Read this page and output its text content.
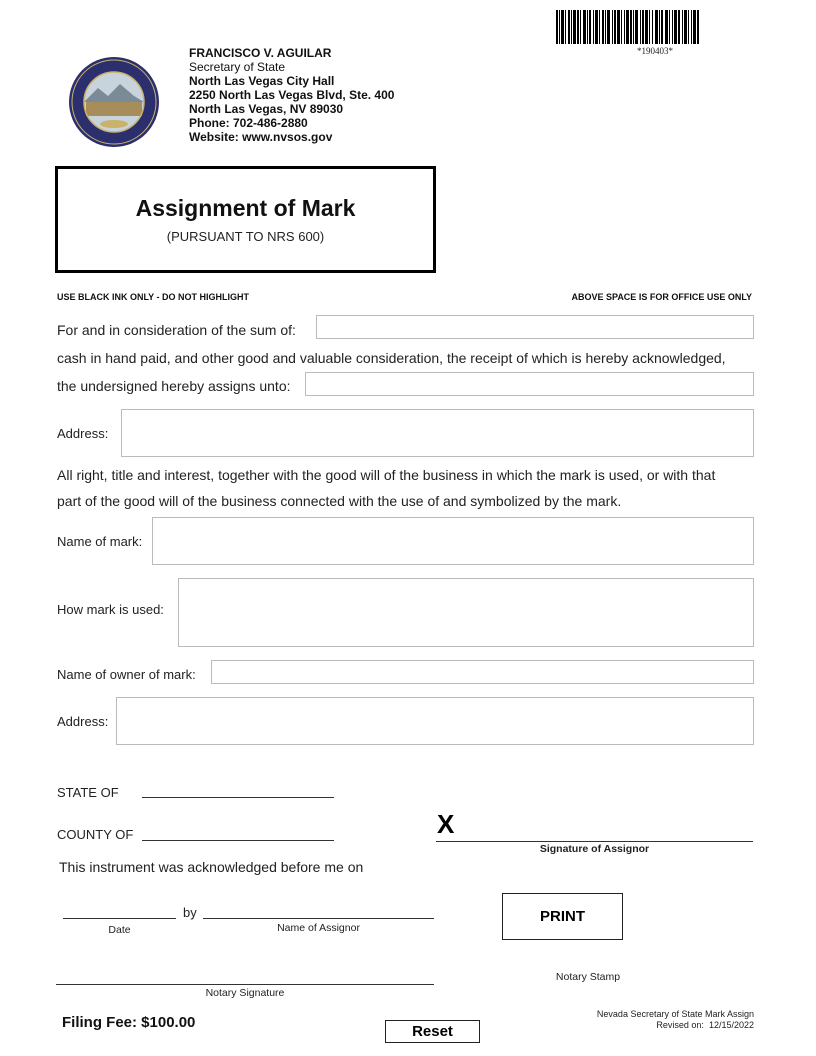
*190403*
FRANCISCO V. AGUILAR
Secretary of State
North Las Vegas City Hall
2250 North Las Vegas Blvd, Ste. 400
North Las Vegas, NV 89030
Phone: 702-486-2880
Website: www.nvsos.gov
Assignment of Mark
(PURSUANT TO NRS 600)
USE BLACK INK ONLY - DO NOT HIGHLIGHT	ABOVE SPACE IS FOR OFFICE USE ONLY
For and in consideration of the sum of:
cash in hand paid, and other good and valuable consideration, the receipt of which is hereby acknowledged,
the undersigned hereby assigns unto:
Address:
All right, title and interest, together with the good will of the business in which the mark is used, or with that
part of the good will of the business connected with the use of and symbolized by the mark.
Name of mark:
How mark is used:
Name of owner of mark:
Address:
STATE OF
COUNTY OF	X
Signature of Assignor
This instrument was acknowledged before me on
by
Date	Name of Assignor
PRINT
Notary Stamp
Notary Signature
Filing Fee: $100.00
Reset
Nevada Secretary of State Mark Assign
Revised on: 12/15/2022
